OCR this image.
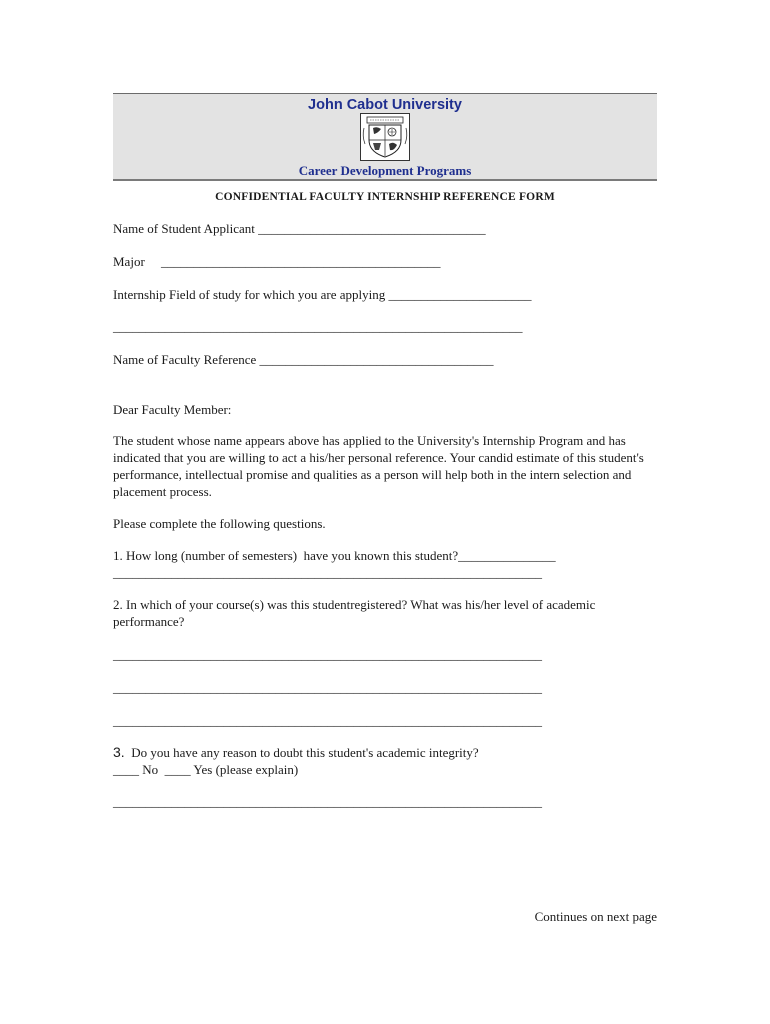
John Cabot University
Career Development Programs
CONFIDENTIAL FACULTY INTERNSHIP REFERENCE FORM
Name of Student Applicant ___________________________________
Major     ___________________________________________
Internship Field of study for which you are applying ______________________
_______________________________________________________________
Name of Faculty Reference ____________________________________
Dear Faculty Member:
The student whose name appears above has applied to the University's Internship Program and has indicated that you are willing to act a his/her personal reference. Your candid estimate of this student's performance, intellectual promise and qualities as a person will help both in the intern selection and placement process.
Please complete the following questions.
1. How long (number of semesters)  have you known this student?_______________
__________________________________________________________________
2. In which of your course(s) was this studentregistered? What was his/her level of academic performance?
__________________________________________________________________
__________________________________________________________________
__________________________________________________________________
3.  Do you have any reason to doubt this student's academic integrity?
____ No  ____ Yes (please explain)
__________________________________________________________________
Continues on next page
